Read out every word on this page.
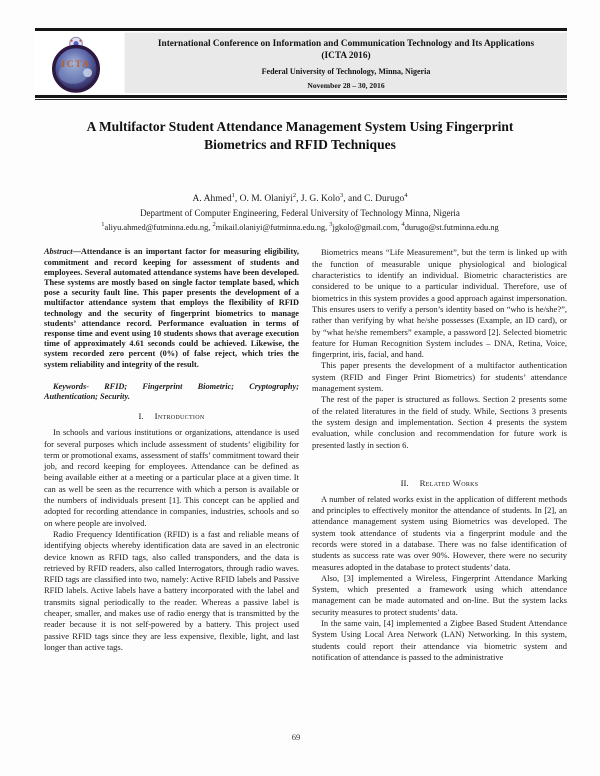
ICTA
International Conference on Information and Communication Technology and Its Applications
(ICTA 2016)
Federal University of Technology, Minna, Nigeria
November 28 – 30, 2016
A Multifactor Student Attendance Management System Using Fingerprint Biometrics and RFID Techniques
A. Ahmed$^1$, O. M. Olaniyi$^2$, J. G. Kolo$^3$, and C. Durugo$^4$
Department of Computer Engineering, Federal University of Technology Minna, Nigeria
$^1$aliyu.ahmed@futminna.edu.ng, $^2$mikail.olaniyi@futminna.edu.ng, $^3$jgkolo@gmail.com, $^4$durugo@st.futminna.edu.ng

Abstract—Attendance is an important factor for measuring eligibility, commitment and record keeping for assessment of students and employees. Several automated attendance systems have been developed. These systems are mostly based on single factor template based, which pose a security fault line. This paper presents the development of a multifactor attendance system that employs the flexibility of RFID technology and the security of fingerprint biometrics to manage students’ attendance record. Performance evaluation in terms of response time and event using 10 students shows that average execution time of approximately 4.61 seconds could be achieved. Likewise, the system recorded zero percent (0%) of false reject, which tries the system reliability and integrity of the result.

Keywords- RFID; Fingerprint Biometric; Cryptography; Authentication; Security.

I. Introduction

In schools and various institutions or organizations, attendance is used for several purposes which include assessment of students’ eligibility for term or promotional exams, assessment of staffs’ commitment toward their job, and record keeping for employees. Attendance can be defined as being available either at a meeting or a particular place at a given time. It can as well be seen as the recurrence with which a person is available or the numbers of individuals present [1]. This concept can be applied and adopted for recording attendance in companies, industries, schools and so on where people are involved.

Radio Frequency Identification (RFID) is a fast and reliable means of identifying objects whereby identification data are saved in an electronic device known as RFID tags, also called transponders, and the data is retrieved by RFID readers, also called Interrogators, through radio waves. RFID tags are classified into two, namely: Active RFID labels and Passive RFID labels. Active labels have a battery incorporated with the label and transmits signal periodically to the reader. Whereas a passive label is cheaper, smaller, and makes use of radio energy that is transmitted by the reader because it is not self-powered by a battery. This project used passive RFID tags since they are less expensive, flexible, light, and last longer than active tags.

Biometrics means “Life Measurement”, but the term is linked up with the function of measurable unique physiological and biological characteristics to identify an individual. Biometric characteristics are considered to be unique to a particular individual. Therefore, use of biometrics in this system provides a good approach against impersonation. This ensures users to verify a person’s identity based on “who is he/she?”, rather than verifying by what he/she possesses (Example, an ID card), or by “what he/she remembers” example, a password [2]. Selected biometric feature for Human Recognition System includes – DNA, Retina, Voice, fingerprint, iris, facial, and hand.

This paper presents the development of a multifactor authentication system (RFID and Finger Print Biometrics) for students’ attendance management system.

The rest of the paper is structured as follows. Section 2 presents some of the related literatures in the field of study. While, Sections 3 presents the system design and implementation. Section 4 presents the system evaluation, while conclusion and recommendation for future work is presented lastly in section 6.

II. Related Works

A number of related works exist in the application of different methods and principles to effectively monitor the attendance of students. In [2], an attendance management system using Biometrics was developed. The system took attendance of students via a fingerprint module and the records were stored in a database. There was no false identification of students as success rate was over 90%. However, there were no security measures adopted in the database to protect students’ data.

Also, [3] implemented a Wireless, Fingerprint Attendance Marking System, which presented a framework using which attendance management can be made automated and on-line. But the system lacks security measures to protect students’ data.

In the same vain, [4] implemented a Zigbee Based Student Attendance System Using Local Area Network (LAN) Networking. In this system, students could report their attendance via biometric system and notification of attendance is passed to the administrative

69
